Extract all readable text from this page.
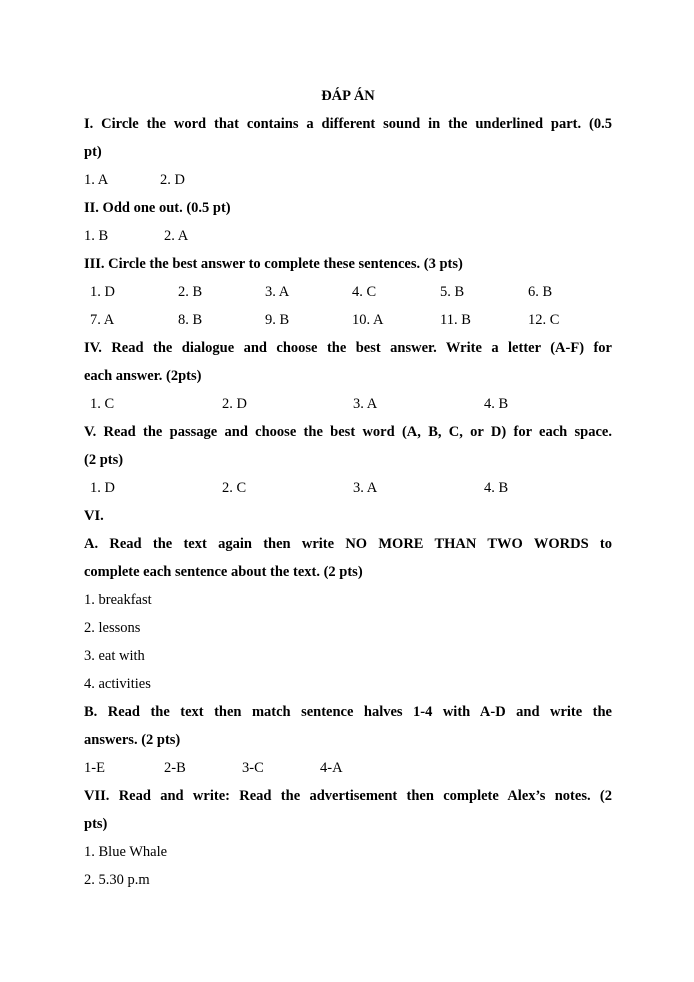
ĐÁP ÁN
I. Circle the word that contains a different sound in the underlined part. (0.5
pt)
1. A	2. D
II. Odd one out. (0.5 pt)
1. B	2. A
III. Circle the best answer to complete these sentences. (3 pts)
1. D	2. B	3. A	4. C	5. B	6. B
7. A	8. B	9. B	10. A	11. B	12. C
IV. Read the dialogue and choose the best answer. Write a letter (A-F) for
each answer. (2pts)
1. C	2. D	3. A	4. B
V. Read the passage and choose the best word (A, B, C, or D) for each space.
(2 pts)
1. D	2. C	3. A	4. B
VI.
A. Read the text again then write NO MORE THAN TWO WORDS to
complete each sentence about the text. (2 pts)
1. breakfast
2. lessons
3. eat with
4. activities
B. Read the text then match sentence halves 1-4 with A-D and write the
answers. (2 pts)
1-E	2-B	3-C	4-A
VII. Read and write: Read the advertisement then complete Alex’s notes. (2
pts)
1. Blue Whale
2. 5.30 p.m
